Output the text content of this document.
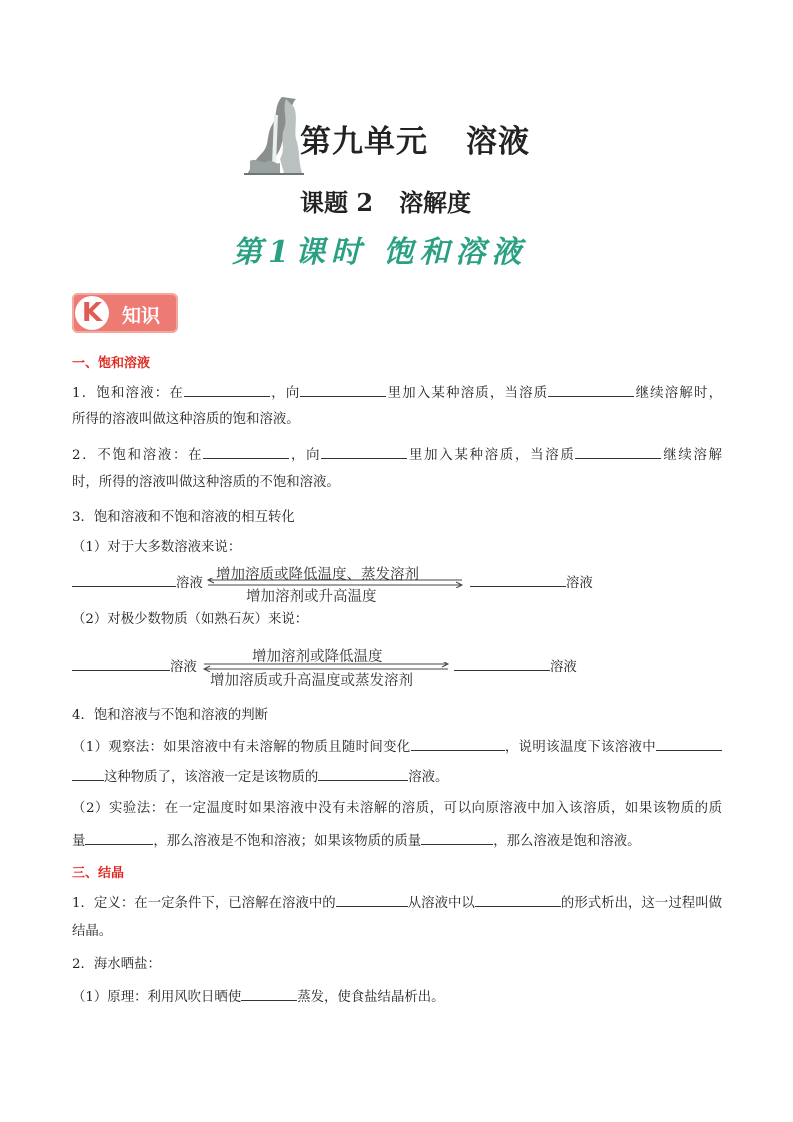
第九单元 溶液
课题 2 溶解度
第1课时 饱和溶液
K	知识
一、饱和溶液
1．饱和溶液：在	，向	里加入某种溶质，当溶质	继续溶解时，
所得的溶液叫做这种溶质的饱和溶液。
2．不饱和溶液：在	，向	里加入某种溶质，当溶质	继续溶解
时，所得的溶液叫做这种溶质的不饱和溶液。
3．饱和溶液和不饱和溶液的相互转化
（1）对于大多数溶液来说：
溶液
增加溶质或降低温度、蒸发溶剂
增加溶剂或升高温度
溶液
（2）对极少数物质（如熟石灰）来说：
溶液
增加溶剂或降低温度
增加溶质或升高温度或蒸发溶剂
溶液
4．饱和溶液与不饱和溶液的判断
（1）观察法：如果溶液中有未溶解的物质且随时间变化	，说明该温度下该溶液中
这种物质了，该溶液一定是该物质的	溶液。
（2）实验法：在一定温度时如果溶液中没有未溶解的溶质，可以向原溶液中加入该溶质，如果该物质的质
量	，那么溶液是不饱和溶液；如果该物质的质量	，那么溶液是饱和溶液。
三、结晶
1．定义：在一定条件下，已溶解在溶液中的	从溶液中以	的形式析出，这一过程叫做
结晶。
2．海水晒盐：
（1）原理：利用风吹日晒使	蒸发，使食盐结晶析出。
